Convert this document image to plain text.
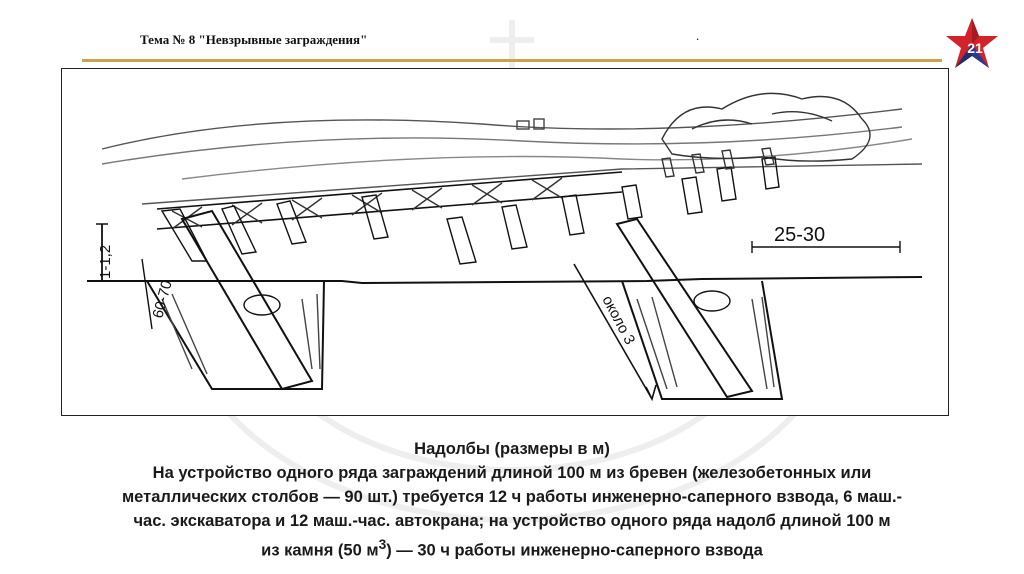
Тема № 8 "Невзрывные заграждения"	.
21
1-1,2
60-70
25-30
около 3
Надолбы (размеры в м)
На устройство одного ряда заграждений длиной 100 м из бревен (железобетонных или
металлических столбов — 90 шт.) требуется 12 ч работы инженерно-саперного взвода, 6 маш.-
час. экскаватора и 12 маш.-час. автокрана; на устройство одного ряда надолб длиной 100 м
из камня (50 $м^3$) — 30 ч работы инженерно-саперного взвода
